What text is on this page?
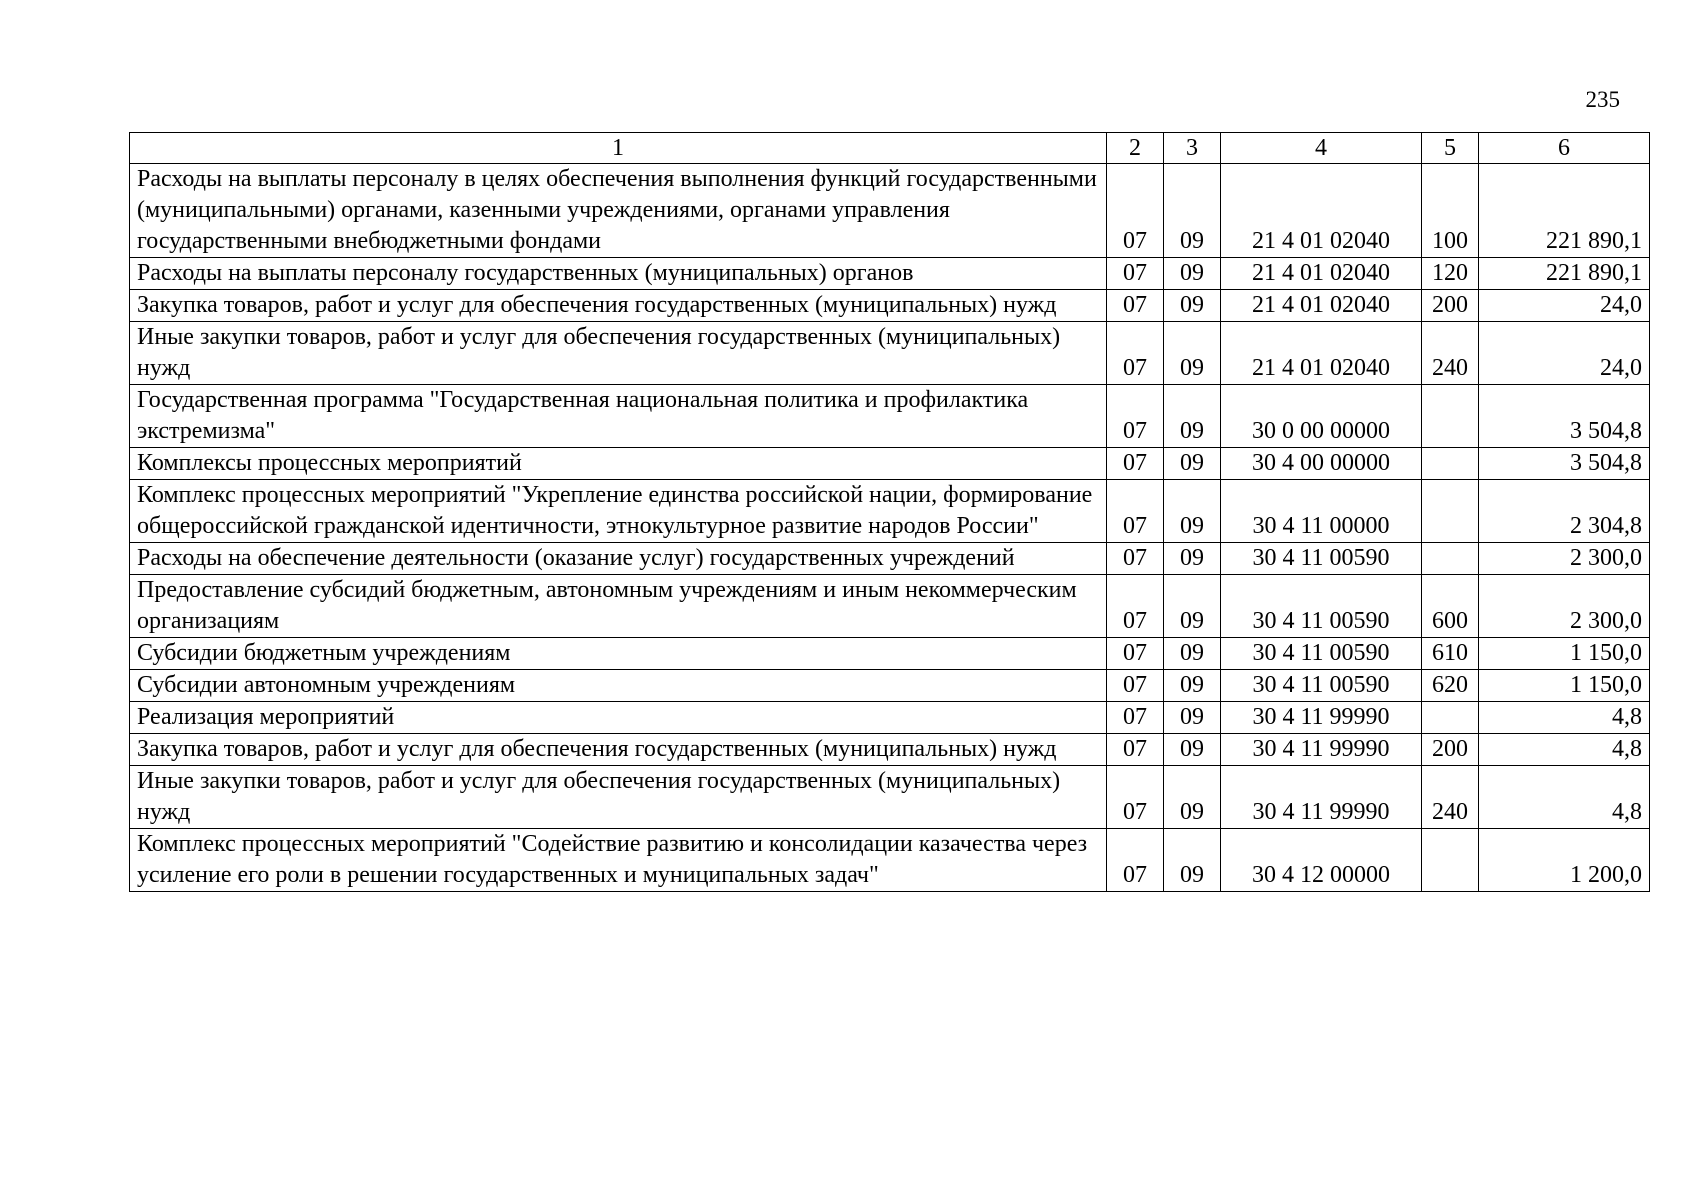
235
1	2	3	4	5	6
Расходы на выплаты персоналу в целях обеспечения выполнения функций государственными (муниципальными) органами, казенными учреждениями, органами управления государственными внебюджетными фондами	07	09	21 4 01 02040	100	221 890,1
Расходы на выплаты персоналу государственных (муниципальных) органов	07	09	21 4 01 02040	120	221 890,1
Закупка товаров, работ и услуг для обеспечения государственных (муниципальных) нужд	07	09	21 4 01 02040	200	24,0
Иные закупки товаров, работ и услуг для обеспечения государственных (муниципальных) нужд	07	09	21 4 01 02040	240	24,0
Государственная программа "Государственная национальная политика и профилактика экстремизма"	07	09	30 0 00 00000		3 504,8
Комплексы процессных мероприятий	07	09	30 4 00 00000		3 504,8
Комплекс процессных мероприятий "Укрепление единства российской нации, формирование общероссийской гражданской идентичности, этнокультурное развитие народов России"	07	09	30 4 11 00000		2 304,8
Расходы на обеспечение деятельности (оказание услуг) государственных учреждений	07	09	30 4 11 00590		2 300,0
Предоставление субсидий бюджетным, автономным учреждениям и иным некоммерческим организациям	07	09	30 4 11 00590	600	2 300,0
Субсидии бюджетным учреждениям	07	09	30 4 11 00590	610	1 150,0
Субсидии автономным учреждениям	07	09	30 4 11 00590	620	1 150,0
Реализация мероприятий	07	09	30 4 11 99990		4,8
Закупка товаров, работ и услуг для обеспечения государственных (муниципальных) нужд	07	09	30 4 11 99990	200	4,8
Иные закупки товаров, работ и услуг для обеспечения государственных (муниципальных) нужд	07	09	30 4 11 99990	240	4,8
Комплекс процессных мероприятий "Содействие развитию и консолидации казачества через усиление его роли в решении государственных и муниципальных задач"	07	09	30 4 12 00000		1 200,0
